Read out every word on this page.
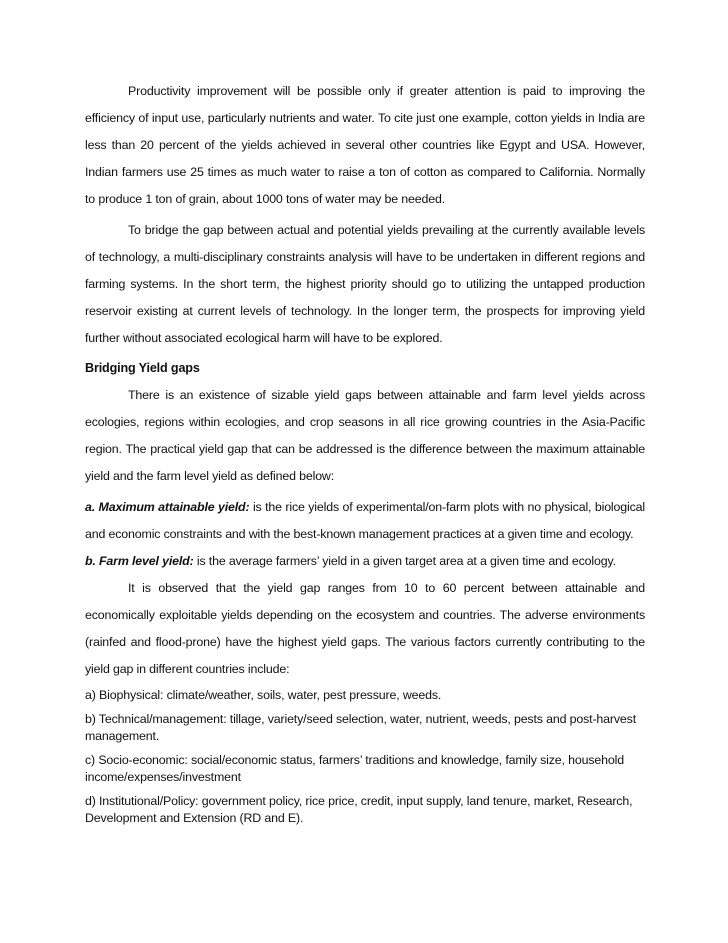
Productivity improvement will be possible only if greater attention is paid to improving the efficiency of input use, particularly nutrients and water. To cite just one example, cotton yields in India are less than 20 percent of the yields achieved in several other countries like Egypt and USA. However, Indian farmers use 25 times as much water to raise a ton of cotton as compared to California. Normally to produce 1 ton of grain, about 1000 tons of water may be needed.

To bridge the gap between actual and potential yields prevailing at the currently available levels of technology, a multi-disciplinary constraints analysis will have to be undertaken in different regions and farming systems. In the short term, the highest priority should go to utilizing the untapped production reservoir existing at current levels of technology. In the longer term, the prospects for improving yield further without associated ecological harm will have to be explored.

Bridging Yield gaps

There is an existence of sizable yield gaps between attainable and farm level yields across ecologies, regions within ecologies, and crop seasons in all rice growing countries in the Asia-Pacific region. The practical yield gap that can be addressed is the difference between the maximum attainable yield and the farm level yield as defined below:

a. Maximum attainable yield: is the rice yields of experimental/on-farm plots with no physical, biological and economic constraints and with the best-known management practices at a given time and ecology.

b. Farm level yield: is the average farmers’ yield in a given target area at a given time and ecology.

It is observed that the yield gap ranges from 10 to 60 percent between attainable and economically exploitable yields depending on the ecosystem and countries. The adverse environments (rainfed and flood-prone) have the highest yield gaps. The various factors currently contributing to the yield gap in different countries include:

a) Biophysical: climate/weather, soils, water, pest pressure, weeds.

b) Technical/management: tillage, variety/seed selection, water, nutrient, weeds, pests and post-harvest management.

c) Socio-economic: social/economic status, farmers’ traditions and knowledge, family size, household income/expenses/investment

d) Institutional/Policy: government policy, rice price, credit, input supply, land tenure, market, Research, Development and Extension (RD and E).
